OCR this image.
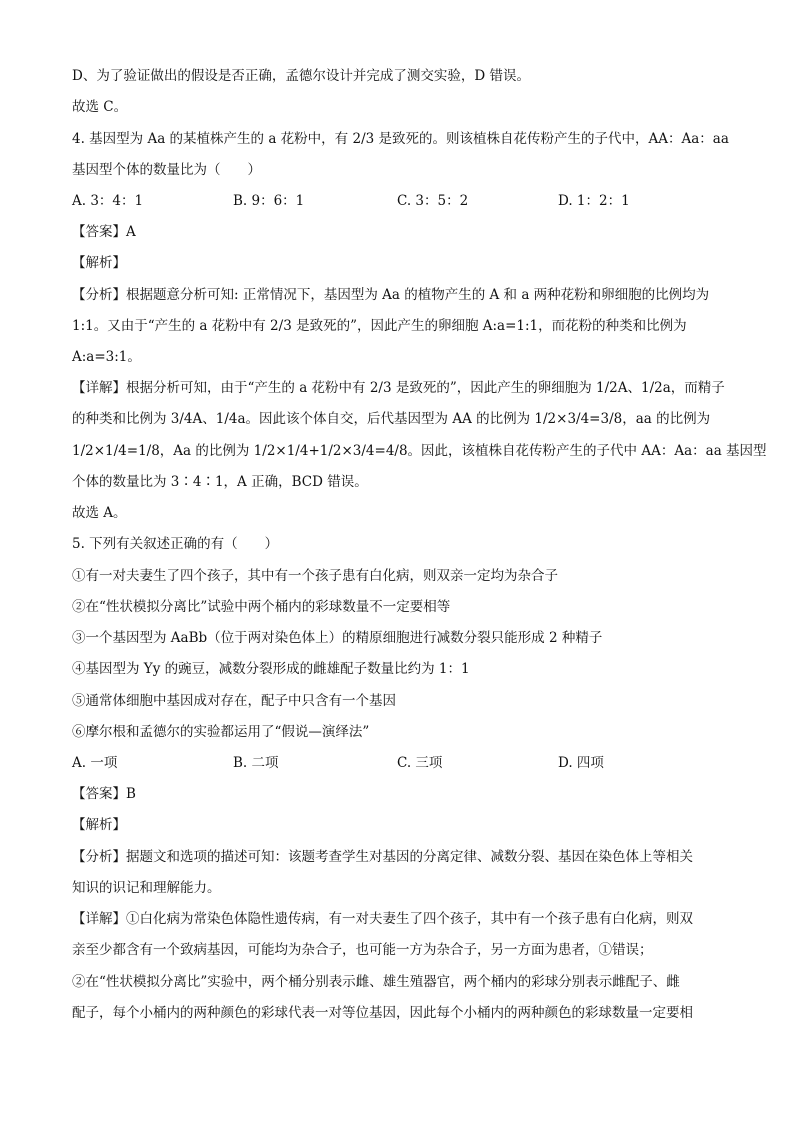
D、为了验证做出的假设是否正确，孟德尔设计并完成了测交实验，D 错误。
故选 C。
4. 基因型为 Aa 的某植株产生的 a 花粉中，有 2/3 是致死的。则该植株自花传粉产生的子代中，AA：Aa：aa
基因型个体的数量比为（　　）
A. 3：4：1	B. 9：6：1	C. 3：5：2	D. 1：2：1
【答案】A
【解析】
【分析】根据题意分析可知: 正常情况下，基因型为 Aa 的植物产生的 A 和 a 两种花粉和卵细胞的比例均为
1:1。又由于“产生的 a 花粉中有 2/3 是致死的”，因此产生的卵细胞 A:a=1:1，而花粉的种类和比例为
A:a=3:1。
【详解】根据分析可知，由于“产生的 a 花粉中有 2/3 是致死的”，因此产生的卵细胞为 1/2A、1/2a，而精子
的种类和比例为 3/4A、1/4a。因此该个体自交，后代基因型为 AA 的比例为 1/2×3/4=3/8，aa 的比例为
1/2×1/4=1/8，Aa 的比例为 1/2×1/4+1/2×3/4=4/8。因此，该植株自花传粉产生的子代中 AA：Aa：aa 基因型
个体的数量比为 3∶4∶1，A 正确，BCD 错误。
故选 A。
5. 下列有关叙述正确的有（　　）
①有一对夫妻生了四个孩子，其中有一个孩子患有白化病，则双亲一定均为杂合子
②在“性状模拟分离比”试验中两个桶内的彩球数量不一定要相等
③一个基因型为 AaBb（位于两对染色体上）的精原细胞进行减数分裂只能形成 2 种精子
④基因型为 Yy 的豌豆，减数分裂形成的雌雄配子数量比约为 1：1
⑤通常体细胞中基因成对存在，配子中只含有一个基因
⑥摩尔根和孟德尔的实验都运用了“假说—演绎法”
A. 一项	B. 二项	C. 三项	D. 四项
【答案】B
【解析】
【分析】据题文和选项的描述可知：该题考查学生对基因的分离定律、减数分裂、基因在染色体上等相关
知识的识记和理解能力。
【详解】①白化病为常染色体隐性遗传病，有一对夫妻生了四个孩子，其中有一个孩子患有白化病，则双
亲至少都含有一个致病基因，可能均为杂合子，也可能一方为杂合子，另一方面为患者，①错误；
②在“性状模拟分离比”实验中，两个桶分别表示雌、雄生殖器官，两个桶内的彩球分别表示雌配子、雌
配子，每个小桶内的两种颜色的彩球代表一对等位基因，因此每个小桶内的两种颜色的彩球数量一定要相
